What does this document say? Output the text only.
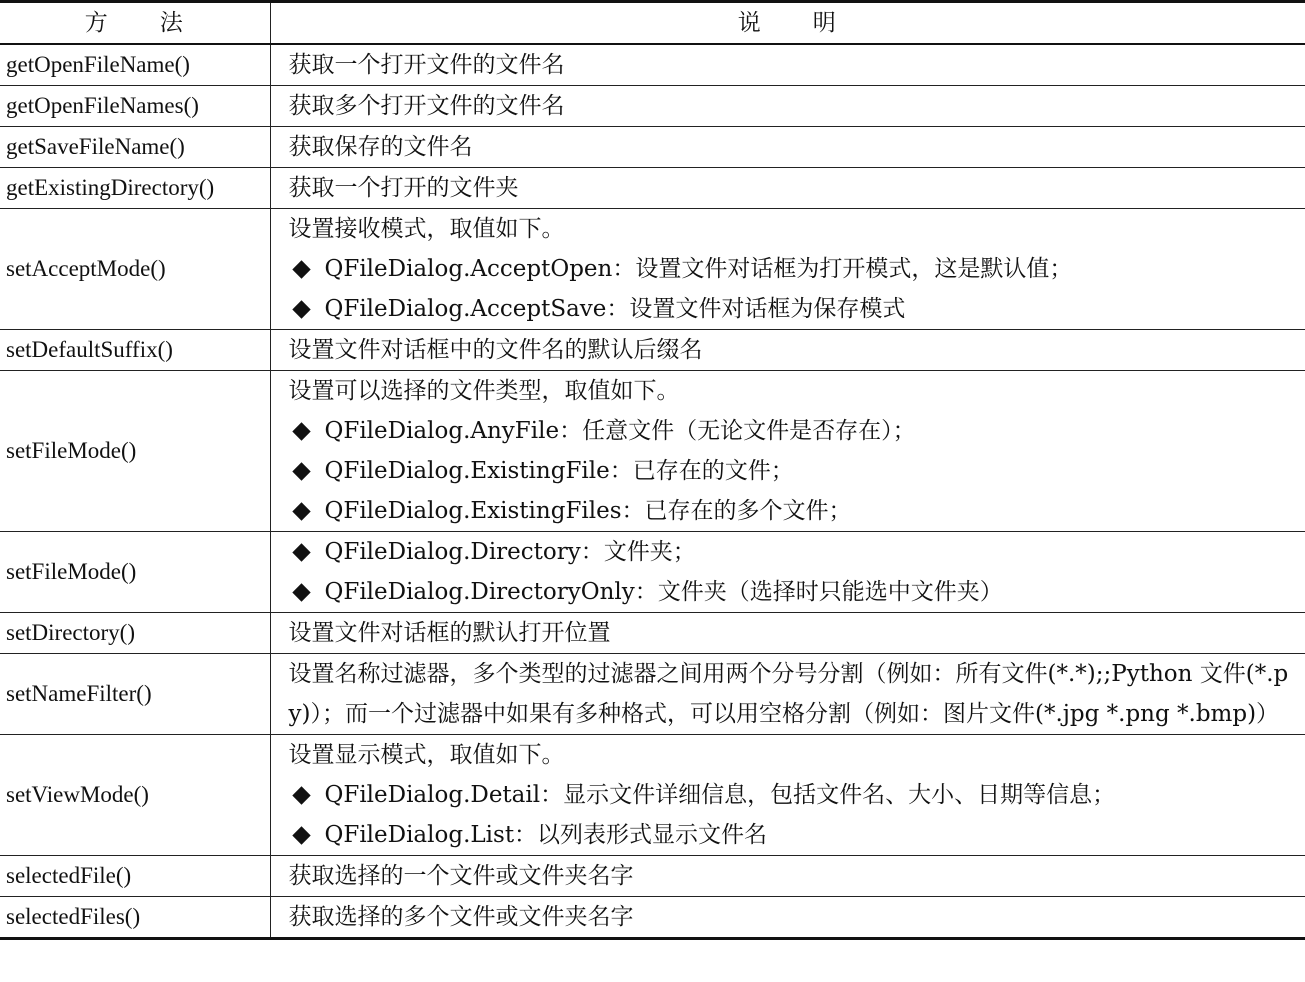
方　　法	说　　明
getOpenFileName()	获取一个打开文件的文件名

getOpenFileNames()	获取多个打开文件的文件名

getSaveFileName()	获取保存的文件名

getExistingDirectory()	获取一个打开的文件夹

setAcceptMode()	设置接收模式，取值如下。
QFileDialog.AcceptOpen：设置文件对话框为打开模式，这是默认值；
QFileDialog.AcceptSave：设置文件对话框为保存模式

setDefaultSuffix()	设置文件对话框中的文件名的默认后缀名

setFileMode()	设置可以选择的文件类型，取值如下。
QFileDialog.AnyFile：任意文件（无论文件是否存在）；
QFileDialog.ExistingFile：已存在的文件；
QFileDialog.ExistingFiles：已存在的多个文件；

setFileMode()	QFileDialog.Directory：文件夹；
QFileDialog.DirectoryOnly：文件夹（选择时只能选中文件夹）

setDirectory()	设置文件对话框的默认打开位置

setNameFilter()	设置名称过滤器，多个类型的过滤器之间用两个分号分割（例如：所有文件(*.*);;Python 文件(*.py)）；而一个过滤器中如果有多种格式，可以用空格分割（例如：图片文件(*.jpg *.png *.bmp)）

setViewMode()	设置显示模式，取值如下。
QFileDialog.Detail：显示文件详细信息，包括文件名、大小、日期等信息；
QFileDialog.List：以列表形式显示文件名

selectedFile()	获取选择的一个文件或文件夹名字

selectedFiles()	获取选择的多个文件或文件夹名字
